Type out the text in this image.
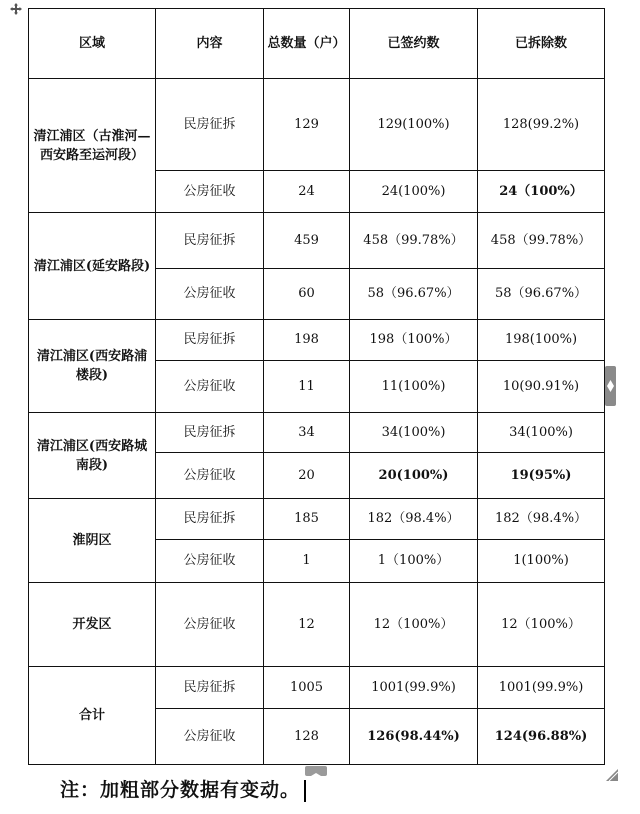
区域	内容	总数量（户）	已签约数	已拆除数
清江浦区（古淮河—西安路至运河段）	民房征拆	129	129(100%)	128(99.2%)
	公房征收	24	24(100%)	24（100%）
清江浦区(延安路段)	民房征拆	459	458（99.78%）	458（99.78%）
	公房征收	60	58（96.67%）	58（96.67%）
清江浦区(西安路浦楼段)	民房征拆	198	198（100%）	198(100%)
	公房征收	11	11(100%)	10(90.91%)
清江浦区(西安路城南段)	民房征拆	34	34(100%)	34(100%)
	公房征收	20	20(100%)	19(95%)
淮阴区	民房征拆	185	182（98.4%）	182（98.4%）
	公房征收	1	1（100%）	1(100%)
开发区	公房征收	12	12（100%）	12（100%）
合计	民房征拆	1005	1001(99.9%)	1001(99.9%)
	公房征收	128	126(98.44%)	124(96.88%)
注：加粗部分数据有变动。
